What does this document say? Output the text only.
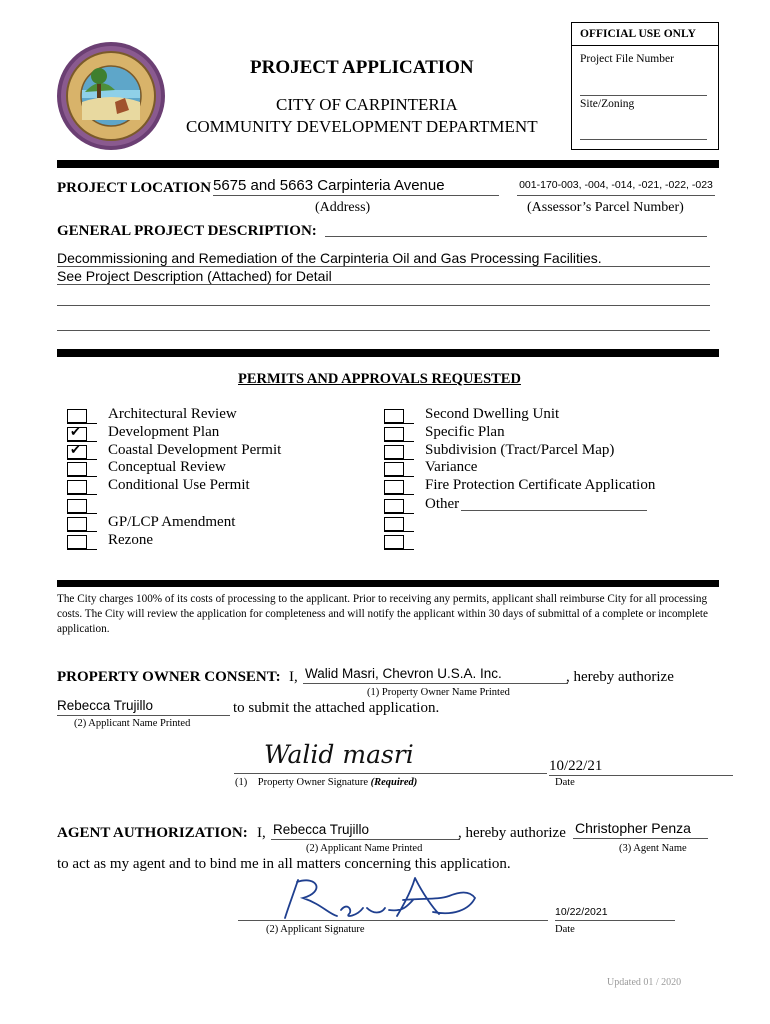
PROJECT APPLICATION
CITY OF CARPINTERIA
COMMUNITY DEVELOPMENT DEPARTMENT
OFFICIAL USE ONLY
Project File Number
Site/Zoning
PROJECT LOCATION 5675 and 5663 Carpinteria Avenue
(Address)
001-170-003, -004, -014, -021, -022, -023
(Assessor’s Parcel Number)
GENERAL PROJECT DESCRIPTION:
Decommissioning and Remediation of the Carpinteria Oil and Gas Processing Facilities.
See Project Description (Attached) for Detail
PERMITS AND APPROVALS REQUESTED
Architectural Review
✔ Development Plan
✔ Coastal Development Permit
Conceptual Review
Conditional Use Permit
GP/LCP Amendment
Rezone
Second Dwelling Unit
Specific Plan
Subdivision (Tract/Parcel Map)
Variance
Fire Protection Certificate Application
Other
The City charges 100% of its costs of processing to the applicant. Prior to receiving any permits, applicant shall reimburse City for all processing costs. The City will review the application for completeness and will notify the applicant within 30 days of submittal of a complete or incomplete application.
PROPERTY OWNER CONSENT: I, Walid Masri, Chevron U.S.A. Inc.	, hereby authorize
(1) Property Owner Name Printed
Rebecca Trujillo	to submit the attached application.
(2) Applicant Name Printed
Walid masri	10/22/21
(1) Property Owner Signature (Required)	Date
AGENT AUTHORIZATION: I, Rebecca Trujillo	, hereby authorize Christopher Penza
(2) Applicant Name Printed	(3) Agent Name
to act as my agent and to bind me in all matters concerning this application.
10/22/2021
(2) Applicant Signature	Date
Updated 01 / 2020
